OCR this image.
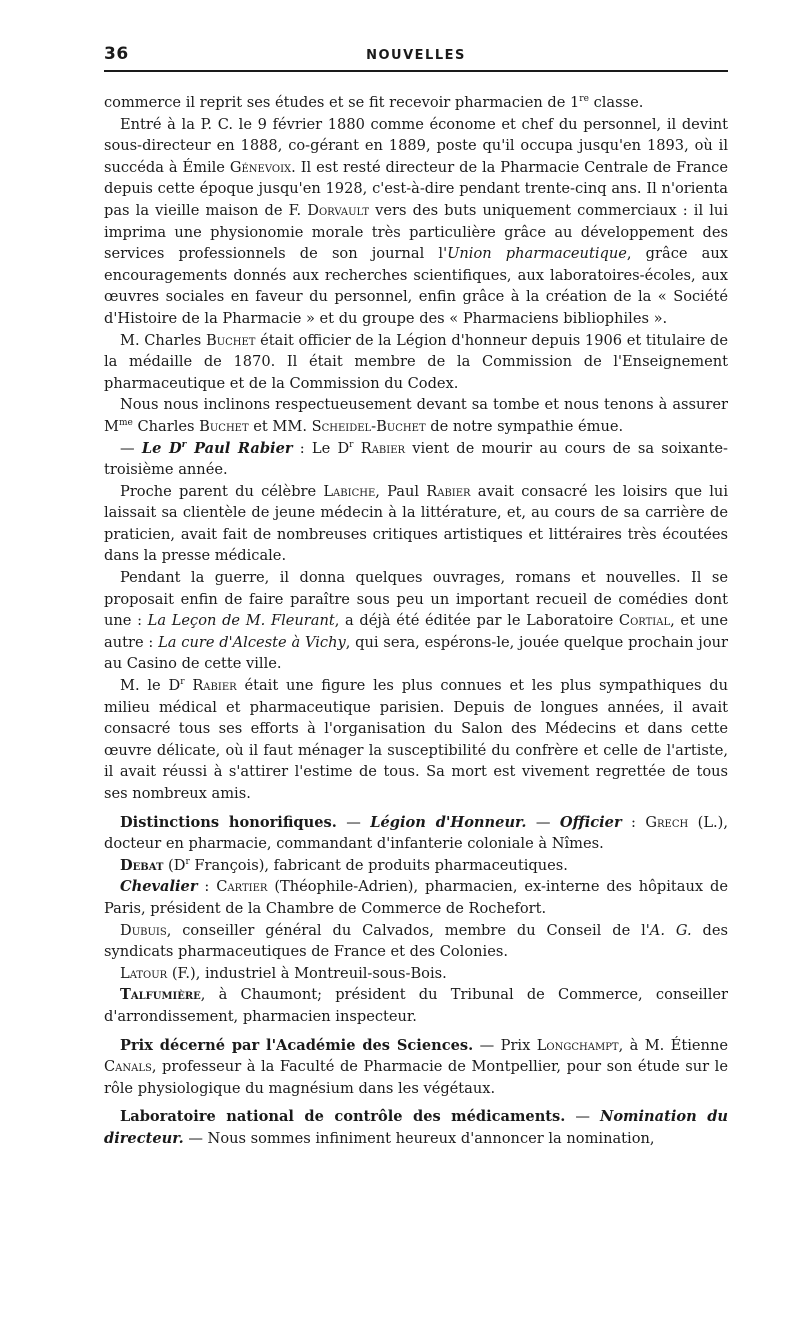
36	NOUVELLES

commerce il reprit ses études et se fit recevoir pharmacien de 1re classe.

Entré à la P. C. le 9 février 1880 comme économe et chef du personnel, il devint sous-directeur en 1888, co-gérant en 1889, poste qu'il occupa jusqu'en 1893, où il succéda à Émile Génevoix. Il est resté directeur de la Pharmacie Centrale de France depuis cette époque jusqu'en 1928, c'est-à-dire pendant trente-cinq ans. Il n'orienta pas la vieille maison de F. Dorvault vers des buts uniquement commerciaux : il lui imprima une physionomie morale très particulière grâce au développement des services professionnels de son journal l'Union pharmaceutique, grâce aux encouragements donnés aux recherches scientifiques, aux laboratoires-écoles, aux œuvres sociales en faveur du personnel, enfin grâce à la création de la « Société d'Histoire de la Pharmacie » et du groupe des « Pharmaciens bibliophiles ».

M. Charles Buchet était officier de la Légion d'honneur depuis 1906 et titulaire de la médaille de 1870. Il était membre de la Commission de l'Enseignement pharmaceutique et de la Commission du Codex.

Nous nous inclinons respectueusement devant sa tombe et nous tenons à assurer $M^{me}$ Charles Buchet et MM. Scheidel-Buchet de notre sympathie émue.

— Le $D^r$ Paul Rabier : Le $D^r$ Rabier vient de mourir au cours de sa soixante-troisième année.

Proche parent du célèbre Labiche, Paul Rabier avait consacré les loisirs que lui laissait sa clientèle de jeune médecin à la littérature, et, au cours de sa carrière de praticien, avait fait de nombreuses critiques artistiques et littéraires très écoutées dans la presse médicale.

Pendant la guerre, il donna quelques ouvrages, romans et nouvelles. Il se proposait enfin de faire paraître sous peu un important recueil de comédies dont une : La Leçon de M. Fleurant, a déjà été éditée par le Laboratoire Cortial, et une autre : La cure d'Alceste à Vichy, qui sera, espérons-le, jouée quelque prochain jour au Casino de cette ville.

M. le $D^r$ Rabier était une figure les plus connues et les plus sympathiques du milieu médical et pharmaceutique parisien. Depuis de longues années, il avait consacré tous ses efforts à l'organisation du Salon des Médecins et dans cette œuvre délicate, où il faut ménager la susceptibilité du confrère et celle de l'artiste, il avait réussi à s'attirer l'estime de tous. Sa mort est vivement regrettée de tous ses nombreux amis.

Distinctions honorifiques. — Légion d'Honneur. — Officier : Grech (L.), docteur en pharmacie, commandant d'infanterie coloniale à Nîmes.

Debat ($D^r$ François), fabricant de produits pharmaceutiques.

Chevalier : Cartier (Théophile-Adrien), pharmacien, ex-interne des hôpitaux de Paris, président de la Chambre de Commerce de Rochefort.

Dubuis, conseiller général du Calvados, membre du Conseil de l'A. G. des syndicats pharmaceutiques de France et des Colonies.

Latour (F.), industriel à Montreuil-sous-Bois.

Talfumière, à Chaumont; président du Tribunal de Commerce, conseiller d'arrondissement, pharmacien inspecteur.

Prix décerné par l'Académie des Sciences. — Prix Longchampt, à M. Étienne Canals, professeur à la Faculté de Pharmacie de Montpellier, pour son étude sur le rôle physiologique du magnésium dans les végétaux.

Laboratoire national de contrôle des médicaments. — Nomination du directeur. — Nous sommes infiniment heureux d'annoncer la nomination,
